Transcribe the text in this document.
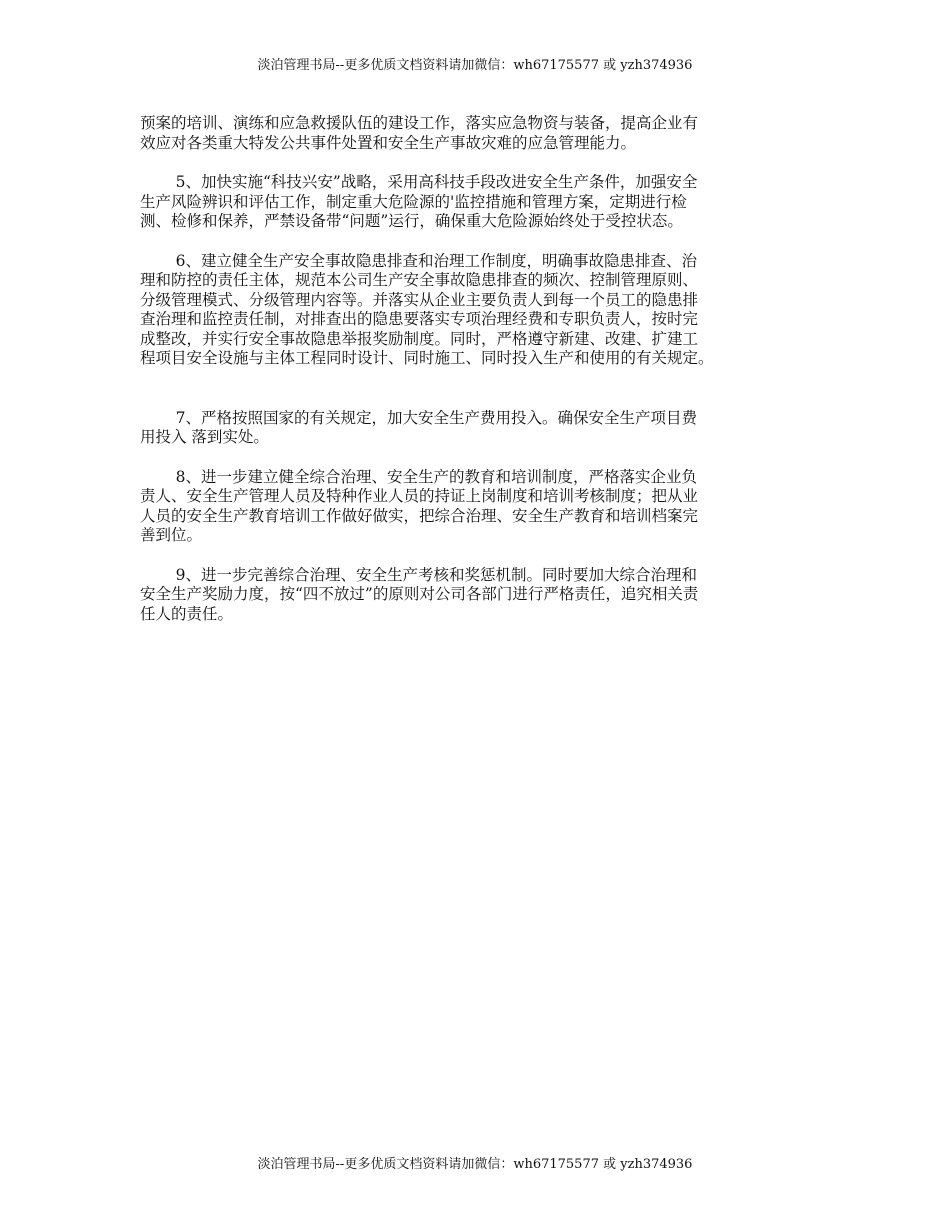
淡泊管理书局--更多优质文档资料请加微信：wh67175577 或 yzh374936

预案的培训、演练和应急救援队伍的建设工作，落实应急物资与装备，提高企业有
效应对各类重大特发公共事件处置和安全生产事故灾难的应急管理能力。

5、加快实施“科技兴安”战略，采用高科技手段改进安全生产条件，加强安全
生产风险辨识和评估工作，制定重大危险源的'监控措施和管理方案，定期进行检
测、检修和保养，严禁设备带“问题”运行，确保重大危险源始终处于受控状态。

6、建立健全生产安全事故隐患排查和治理工作制度，明确事故隐患排查、治
理和防控的责任主体，规范本公司生产安全事故隐患排查的频次、控制管理原则、
分级管理模式、分级管理内容等。并落实从企业主要负责人到每一个员工的隐患排
查治理和监控责任制，对排查出的隐患要落实专项治理经费和专职负责人，按时完
成整改，并实行安全事故隐患举报奖励制度。同时，严格遵守新建、改建、扩建工
程项目安全设施与主体工程同时设计、同时施工、同时投入生产和使用的有关规定。

7、严格按照国家的有关规定，加大安全生产费用投入。确保安全生产项目费
用投入 落到实处。

8、进一步建立健全综合治理、安全生产的教育和培训制度，严格落实企业负
责人、安全生产管理人员及特种作业人员的持证上岗制度和培训考核制度；把从业
人员的安全生产教育培训工作做好做实，把综合治理、安全生产教育和培训档案完
善到位。

9、进一步完善综合治理、安全生产考核和奖惩机制。同时要加大综合治理和
安全生产奖励力度，按“四不放过”的原则对公司各部门进行严格责任，追究相关责
任人的责任。

淡泊管理书局--更多优质文档资料请加微信：wh67175577 或 yzh374936
